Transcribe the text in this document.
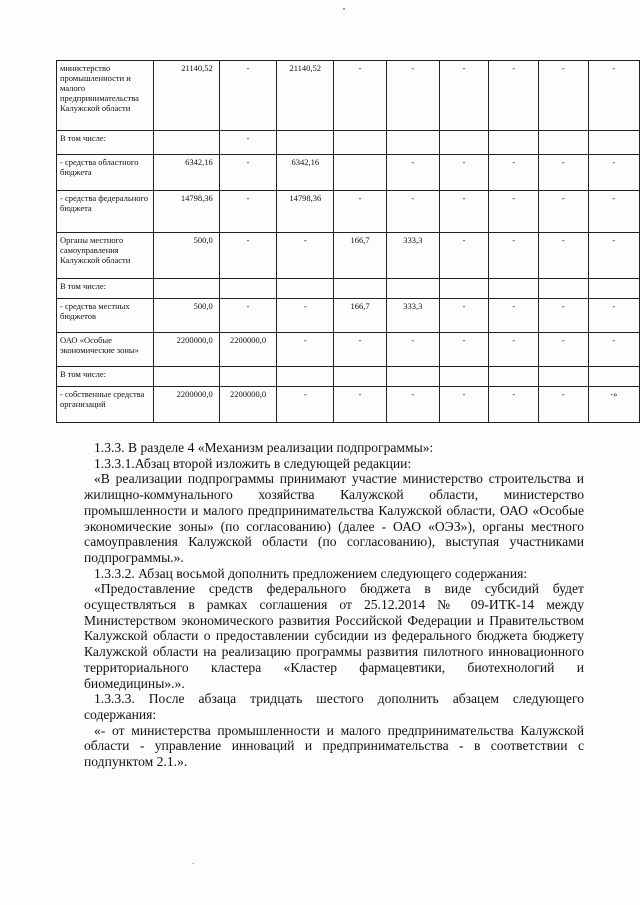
министерство промышленности и малого предпринимательства Калужской области	21140,52	-	21140,52	-	-	-	-	-	-
В том числе:		-							
- средства областного бюджета	6342,16	-	6342,16		-	-	-	-	-
- средства федерального бюджета	14798,36	-	14798,36	-	-	-	-	-	-
Органы местного самоуправления Калужской области	500,0	-	-	166,7	333,3	-	-	-	-
В том числе:									
- средства местных бюджетов	500,0	-	-	166,7	333,3	-	-	-	-
ОАО «Особые экономические зоны»	2200000,0	2200000,0	-	-	-	-	-	-	-
В том числе:									
- собственные средства организаций	2200000,0	2200000,0	-	-	-	-	-	-	-»

1.3.3. В разделе 4 «Механизм реализации подпрограммы»:

1.3.3.1.Абзац второй изложить в следующей редакции:

«В реализации подпрограммы принимают участие министерство строительства и жилищно-коммунального хозяйства Калужской области, министерство промышленности и малого предпринимательства Калужской области, ОАО «Особые экономические зоны» (по согласованию) (далее - ОАО «ОЭЗ»), органы местного самоуправления Калужской области (по согласованию), выступая участниками подпрограммы.».

1.3.3.2. Абзац восьмой дополнить предложением следующего содержания:

«Предоставление средств федерального бюджета в виде субсидий будет осуществляться в рамках соглашения от 25.12.2014 № 09-ИТК-14 между Министерством экономического развития Российской Федерации и Правительством Калужской области о предоставлении субсидии из федерального бюджета бюджету Калужской области на реализацию программы развития пилотного инновационного территориального кластера «Кластер фармацевтики, биотехнологий и биомедицины».».

1.3.3.3. После абзаца тридцать шестого дополнить абзацем следующего содержания:

«- от министерства промышленности и малого предпринимательства Калужской области - управление инноваций и предпринимательства - в соответствии с подпунктом 2.1.».

.
